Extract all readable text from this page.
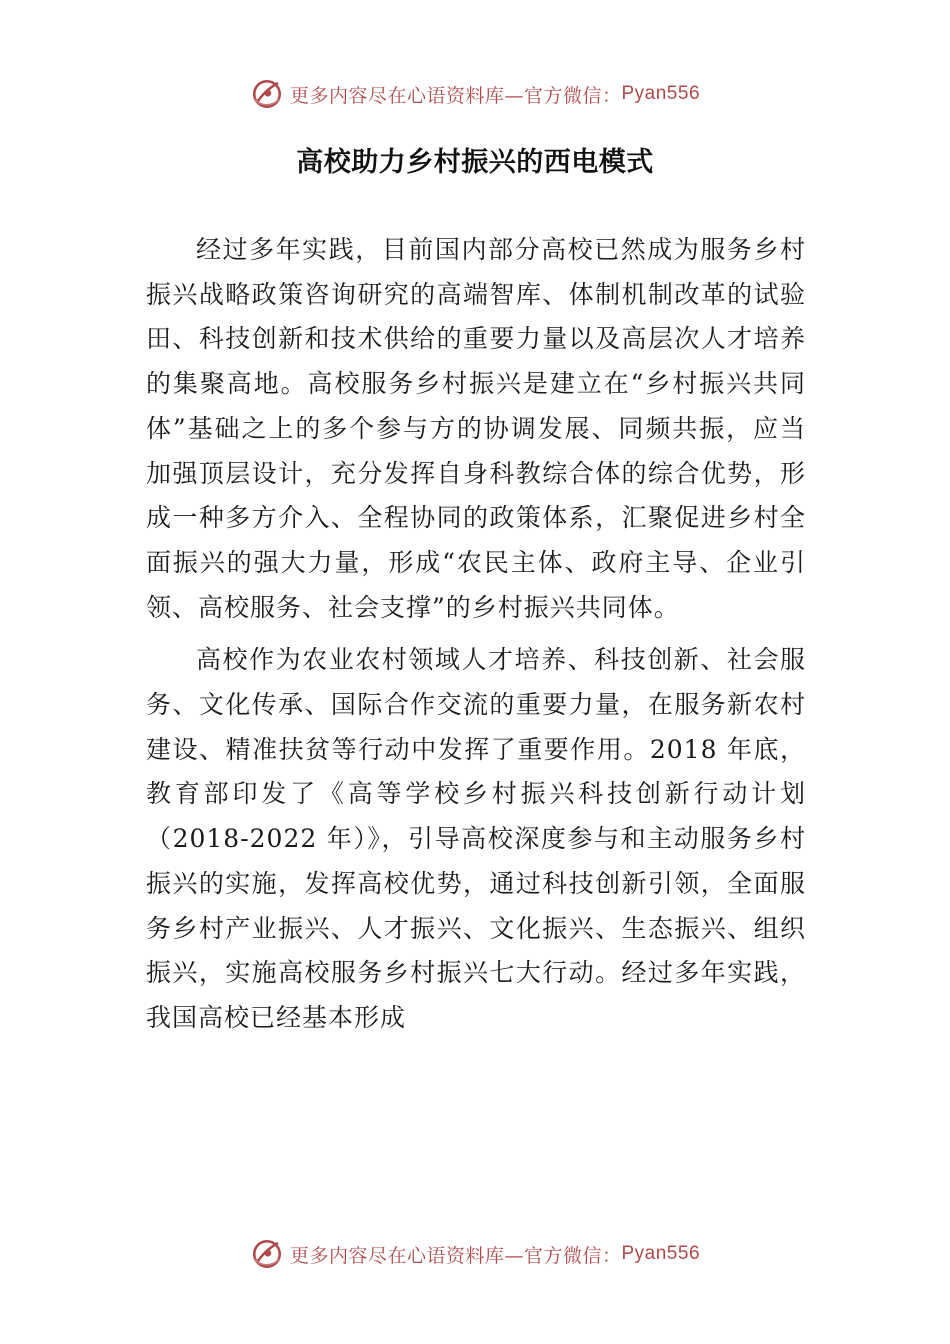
更多内容尽在心语资料库—官方微信： Pyan556
高校助力乡村振兴的西电模式

经过多年实践，目前国内部分高校已然成为服务乡村振兴战略政策咨询研究的高端智库、体制机制改革的试验田、科技创新和技术供给的重要力量以及高层次人才培养的集聚高地。高校服务乡村振兴是建立在“乡村振兴共同体”基础之上的多个参与方的协调发展、同频共振，应当加强顶层设计，充分发挥自身科教综合体的综合优势，形成一种多方介入、全程协同的政策体系，汇聚促进乡村全面振兴的强大力量，形成“农民主体、政府主导、企业引领、高校服务、社会支撑”的乡村振兴共同体。

高校作为农业农村领域人才培养、科技创新、社会服务、文化传承、国际合作交流的重要力量，在服务新农村建设、精准扶贫等行动中发挥了重要作用。2018 年底，教育部印发了《高等学校乡村振兴科技创新行动计划（2018-2022 年）》，引导高校深度参与和主动服务乡村振兴的实施，发挥高校优势，通过科技创新引领，全面服务乡村产业振兴、人才振兴、文化振兴、生态振兴、组织振兴，实施高校服务乡村振兴七大行动。经过多年实践，我国高校已经基本形成

更多内容尽在心语资料库—官方微信： Pyan556
